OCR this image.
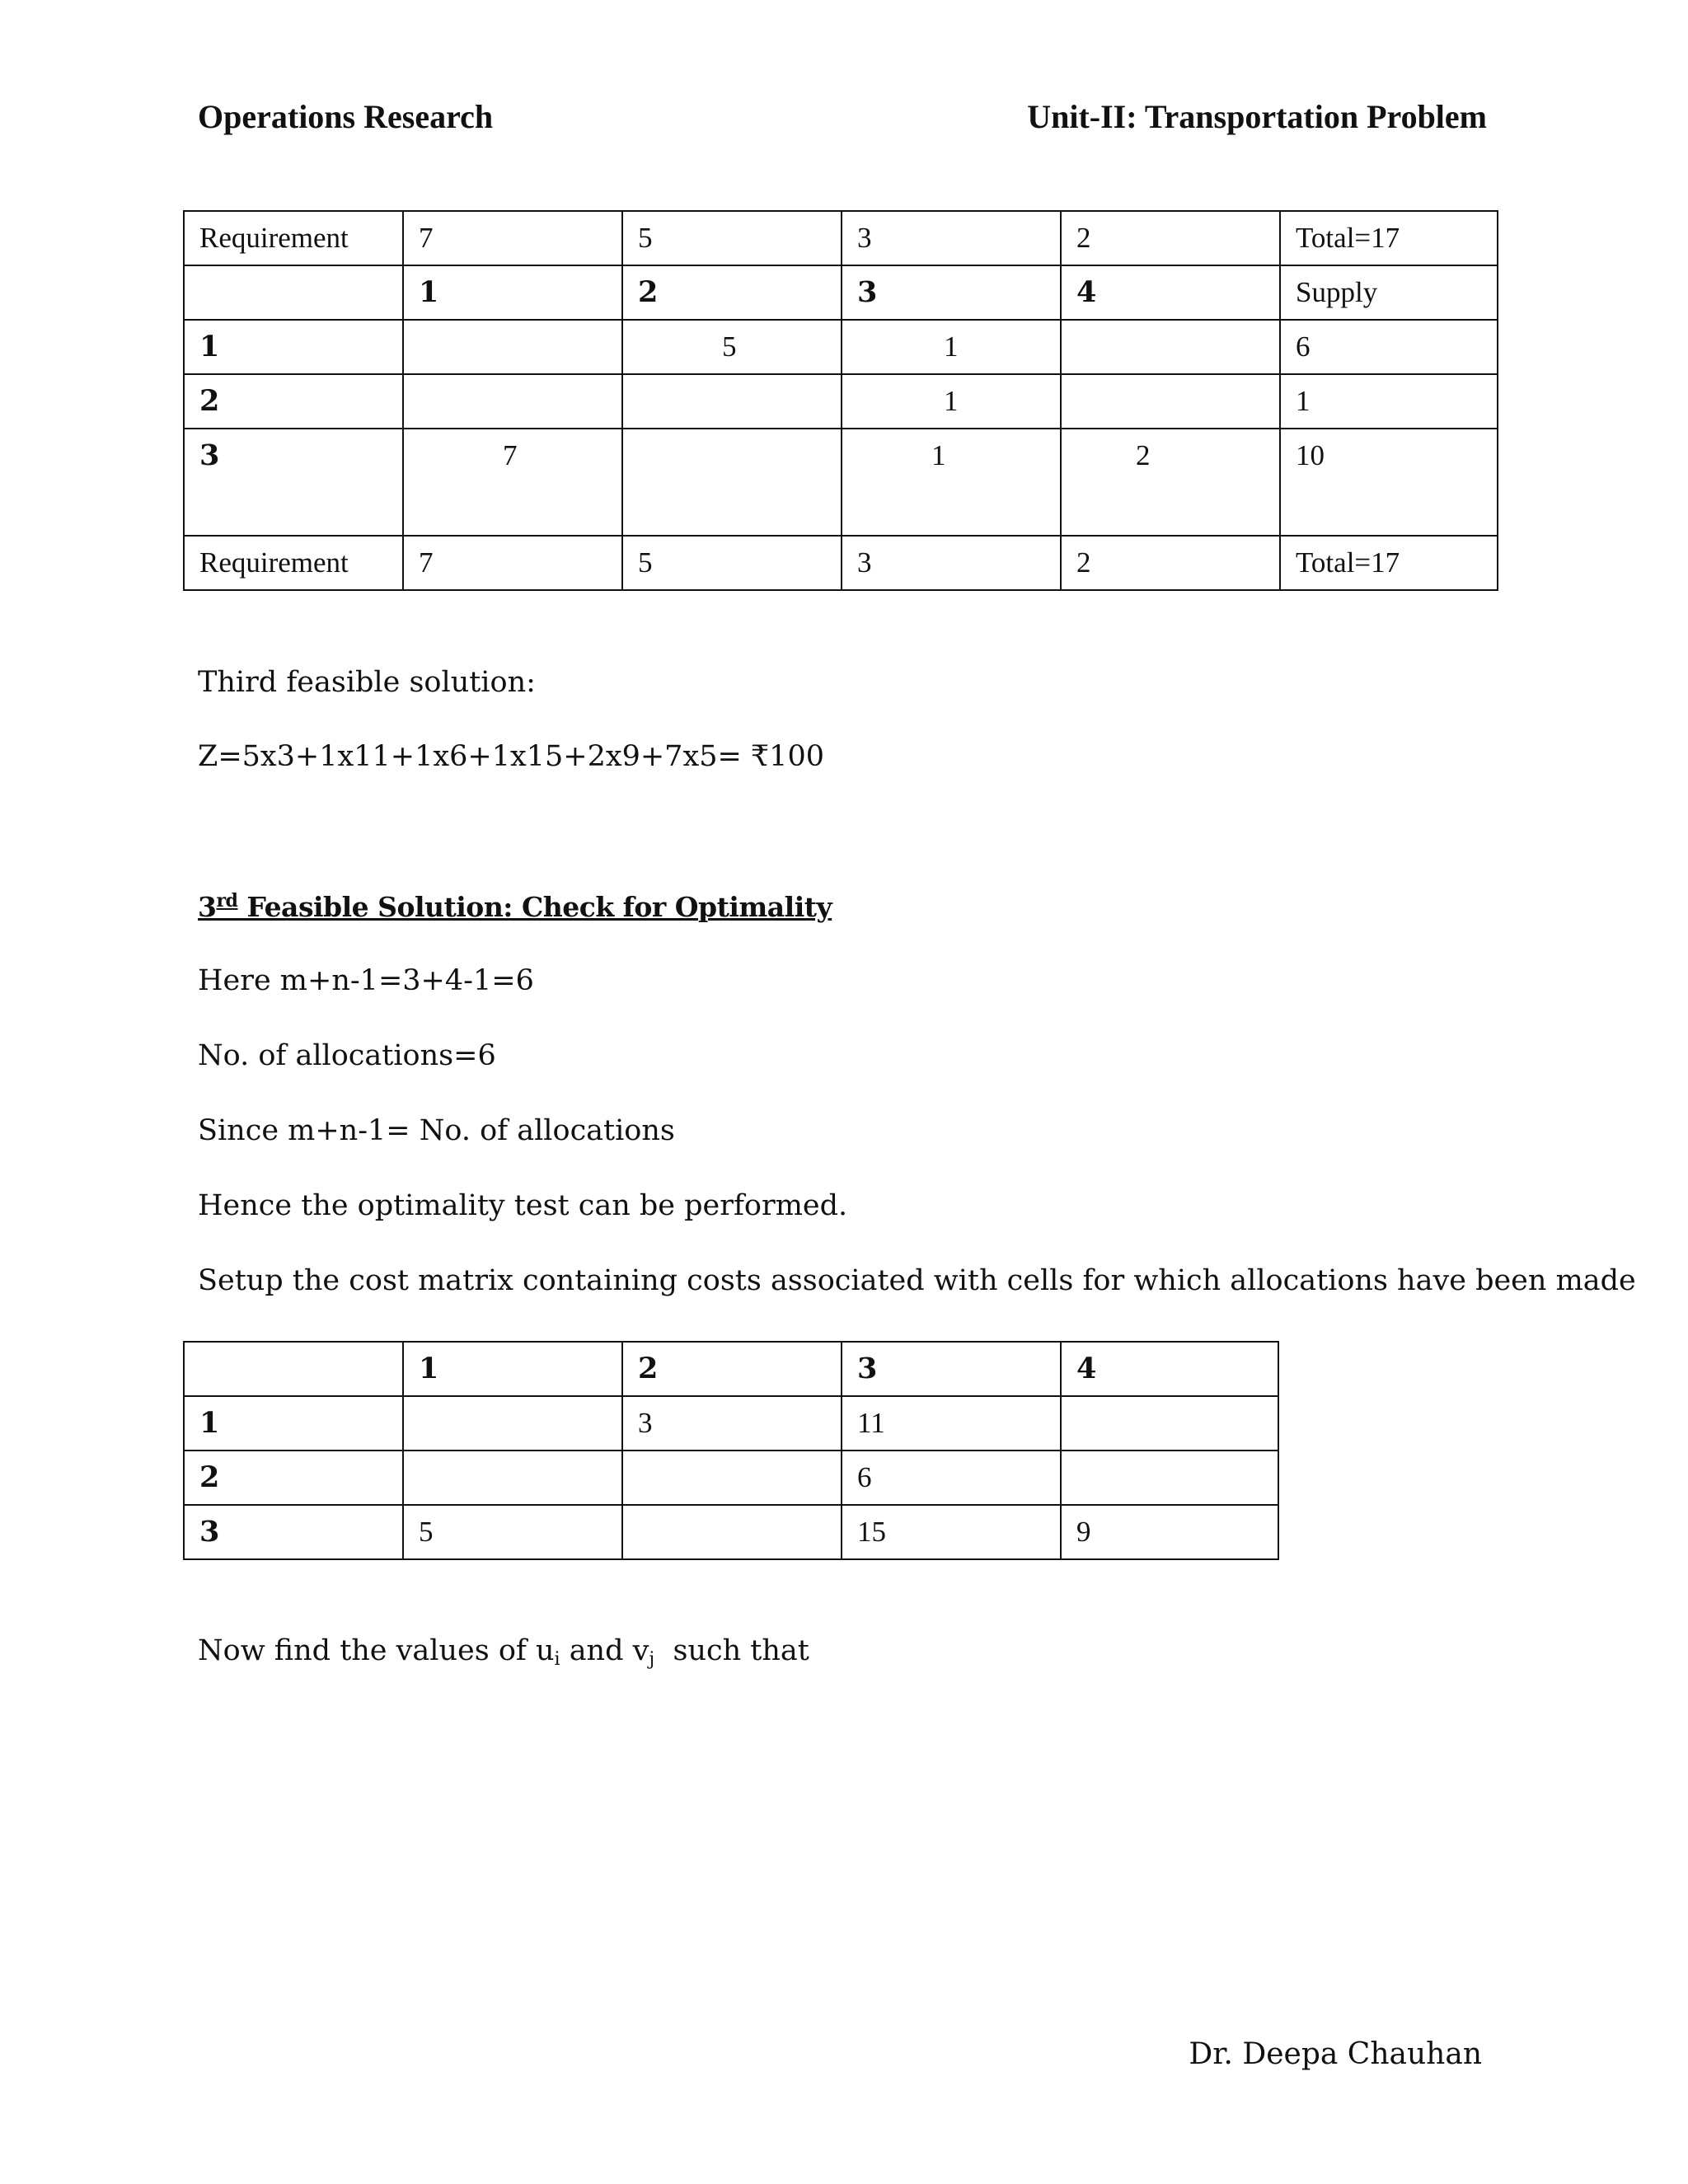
Operations Research	Unit-II: Transportation Problem
Requirement	7	5	3	2	Total=17
	1	2	3	4	Supply
1		5	1		6
2			1		1
3	7		1	2	10
Requirement	7	5	3	2	Total=17
Third feasible solution:
Z=5x3+1x11+1x6+1x15+2x9+7x5= ₹100
3rd Feasible Solution: Check for Optimality
Here m+n-1=3+4-1=6
No. of allocations=6
Since m+n-1= No. of allocations
Hence the optimality test can be performed.
Setup the cost matrix containing costs associated with cells for which allocations have been made
	1	2	3	4
1		3	11	
2			6	
3	5		15	9
Now find the values of $u_i$ and $v_j$  such that
Dr. Deepa Chauhan
